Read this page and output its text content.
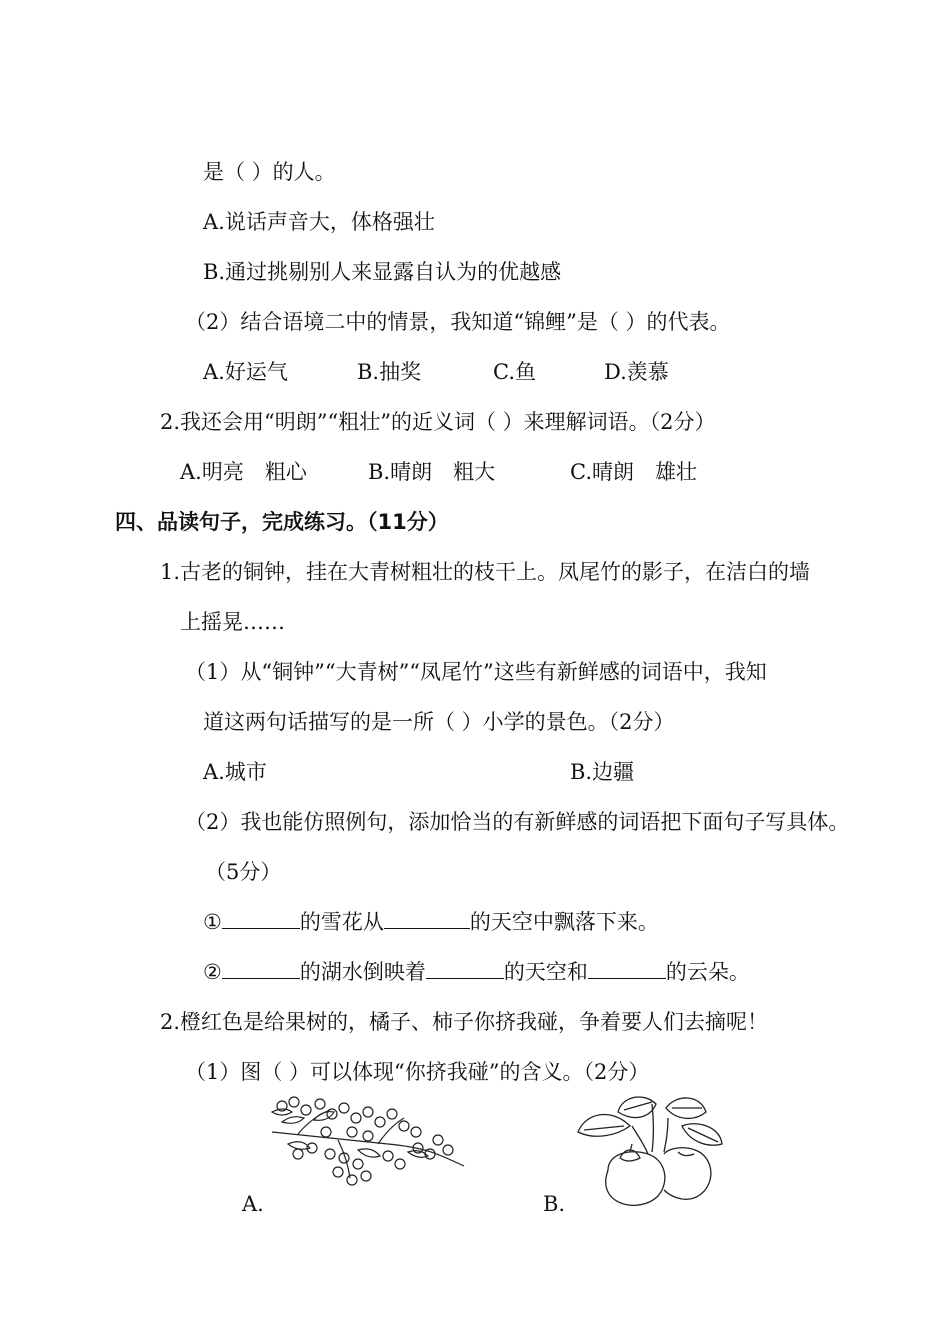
是（ ）的人。
A.说话声音大，体格强壮
B.通过挑剔别人来显露自认为的优越感
（2）结合语境二中的情景，我知道“锦鲤”是（ ）的代表。
A.好运气	B.抽奖	C.鱼	D.羡慕
2.我还会用“明朗”“粗壮”的近义词（ ）来理解词语。（2分）
A.明亮　粗心	B.晴朗　粗大	C.晴朗　雄壮
四、品读句子，完成练习。（11分）
1.古老的铜钟，挂在大青树粗壮的枝干上。凤尾竹的影子，在洁白的墙
上摇晃……
（1）从“铜钟”“大青树”“凤尾竹”这些有新鲜感的词语中，我知
道这两句话描写的是一所（ ）小学的景色。（2分）
A.城市	B.边疆
（2）我也能仿照例句，添加恰当的有新鲜感的词语把下面句子写具体。
（5分）
①	的雪花从	的天空中飘落下来。
②	的湖水倒映着	的天空和	的云朵。
2.橙红色是给果树的，橘子、柿子你挤我碰，争着要人们去摘呢！
（1）图（ ）可以体现“你挤我碰”的含义。（2分）
A.	B.
